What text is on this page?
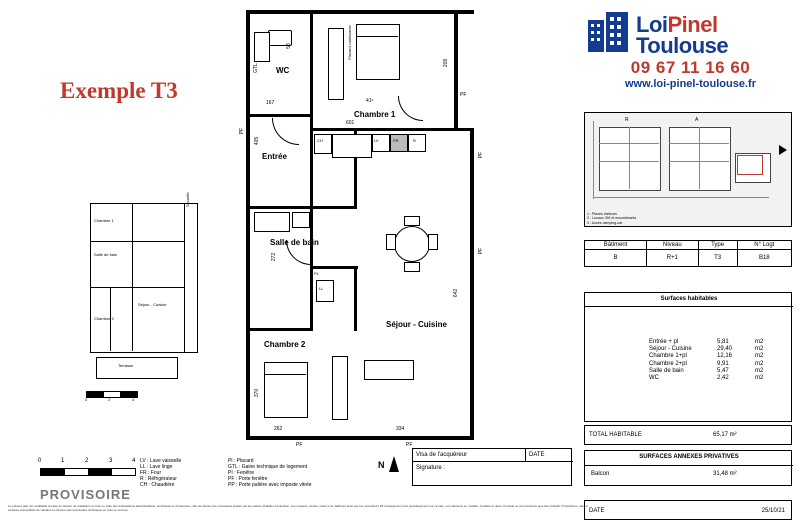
Exemple T3
LoiPinel
Toulouse
09 67 11 16 60
www.loi-pinel-toulouse.fr
R	A
1 : Places visiteurs
2 : Locaux OM et encombrants
3 : Accès camping-car
Bâtiment	Niveau	Type	N° Logt
B	R+1	T3	B18
Surfaces habitables
Entrée + pl	5,81	m2
Séjour - Cuisine	29,40	m2
Chambre 1+pl	12,16	m2
Chambre 2+pl	9,91	m2
Salle de bain	5,47	m2
WC	2,42	m2
TOTAL HABITABLE	65,17 m²
SURFACES ANNEXES PRIVATIVES
Balcon	31,48 m²
DATE	25/10/21
WC
58
167
GTL
Chambre 1
Placard coulissante
41⁵
209
PF
Entrée
405
PF
601
CH	LV	FR	R
Salle de bain
272
LL
Chambre 2
370
262
PF
Séjour - Cuisine
642
334
PF
PF
PF
PL
Sécurité
Chambre 1
Salle de bain
Chambre 2
Séjour - Cuisine
Terrasse
0	2	4
LV : Lave vaisselle
LL : Lave linge
FR : Four
R : Réfrigérateur
CH : Chaudière
Pl : Placard
GTL : Gaine technique de logement
PI : Fenêtre
PF : Porte fenêtre
PP : Porte palière avec imposte vitrée
0	1	2	3	4
PROVISOIRE
N
Visa de l'acquéreur	DATE
Signature :
Le présent plan est modifiable la base du dossier de réalisation et crois ne suite des autorisations administratives, techniques et d'urbanisme, afin de décrire aux normatives locales par les tolères d'habiller d'exécution. Les couleurs, teintes, cotés et de bâtiment ainsi que les innovations PF d'équipement (ces spécifiquement sur ce plan. Les éléments en mobilier, meubles et dans ch travail ne sont dessinés qu'à titre indicatif. Propositions, plan et surfaces susceptibles de variation en fonction des éventuelles techniques ou mise en oeuvre).
